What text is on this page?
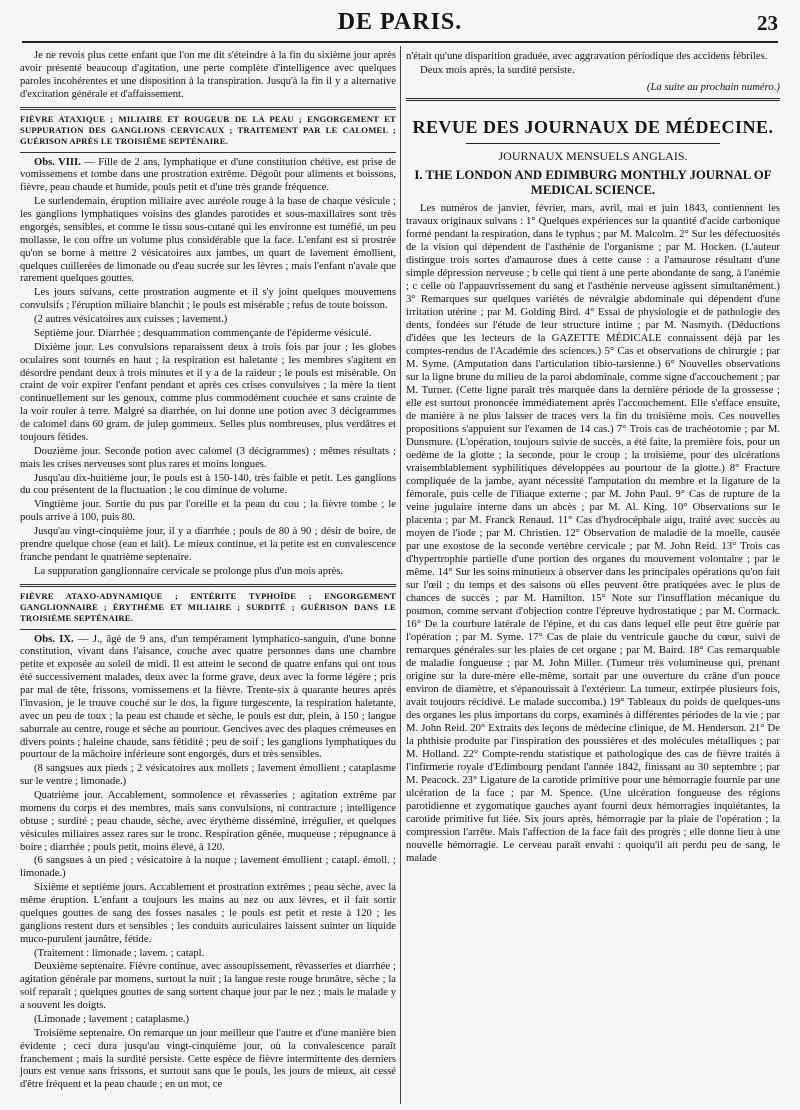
DE PARIS.	23

Je ne revois plus cette enfant que l'on me dit s'éteindre à la fin du sixième jour après avoir présenté beaucoup d'agitation, une perte complète d'intelligence avec quelques paroles incohérentes et une disposition à la transpiration. Jusqu'à la fin il y a alternative d'excitation générale et d'affaissement.

FIÈVRE ATAXIQUE ; MILIAIRE ET ROUGEUR DE LA PEAU ; ENGORGEMENT ET SUPPURATION DES GANGLIONS CERVICAUX ; TRAITEMENT PAR LE CALOMEL ; GUÉRISON APRÈS LE TROISIÈME SEPTÉNAIRE.

Obs. VIII. — Fille de 2 ans, lymphatique et d'une constitution chétive, est prise de vomissemens et tombe dans une prostration extrême. Dégoût pour aliments et boissons, fièvre, peau chaude et humide, pouls petit et d'une très grande fréquence.

Le surlendemain, éruption miliaire avec auréole rouge à la base de chaque vésicule ; les ganglions lymphatiques voisins des glandes parotides et sous-maxillaires sont très engorgés, sensibles, et comme le tissu sous-cutané qui les environne est tuméfié, un peu mollasse, le cou offre un volume plus considérable que la face. L'enfant est si prostrée qu'on se borne à mettre 2 vésicatoires aux jambes, un quart de lavement émollient, quelques cuillerées de limonade ou d'eau sucrée sur les lèvres ; mais l'enfant n'avale que rarement quelques gouttes.

Les jours suivans, cette prostration augmente et il s'y joint quelques mouvemens convulsifs ; l'éruption miliaire blanchit ; le pouls est misérable ; refus de toute boisson.

(2 autres vésicatoires aux cuisses ; lavement.)

Septième jour. Diarrhée ; desquammation commençante de l'épiderme vésiculé.

Dixième jour. Les convulsions reparaissent deux à trois fois par jour ; les globes oculaires sont tournés en haut ; la respiration est haletante ; les membres s'agitent en désordre pendant deux à trois minutes et il y a de la raideur ; le pouls est misérable. On craint de voir expirer l'enfant pendant et après ces crises convulsives ; la mère la tient continuellement sur les genoux, comme plus commodément couchée et sans crainte de la voir rouler à terre. Malgré sa diarrhée, on lui donne une potion avec 3 décigrammes de calomel dans 60 gram. de julep gommeux. Selles plus nombreuses, plus verdâtres et toujours fétides.

Douzième jour. Seconde potion avec calomel (3 décigrammes) ; mêmes résultats ; mais les crises nerveuses sont plus rares et moins longues.

Jusqu'au dix-huitième jour, le pouls est à 150-140, très faible et petit. Les ganglions du cou présentent de la fluctuation ; le cou diminue de volume.

Vingtième jour. Sortie du pus par l'oreille et la peau du cou ; la fièvre tombe ; le pouls arrive à 100, puis 80.

Jusqu'au vingt-cinquième jour, il y a diarrhée ; pouls de 80 à 90 ; désir de boire, de prendre quelque chose (eau et lait). Le mieux continue, et la petite est en convalescence franche pendant le quatrième septenaire.

La suppuration ganglionnaire cervicale se prolonge plus d'un mois après.

FIÈVRE ATAXO-ADYNAMIQUE ; ENTÉRITE TYPHOÏDE ; ENGORGEMENT GANGLIONNAIRE ; ÉRYTHÈME ET MILIAIRE ; SURDITÉ ; GUÉRISON DANS LE TROISIÈME SEPTÉNAIRE.

Obs. IX. — J., âgé de 9 ans, d'un tempérament lymphatico-sanguin, d'une bonne constitution, vivant dans l'aisance, couche avec quatre personnes dans une chambre petite et exposée au soleil de midi. Il est atteint le second de quatre enfans qui ont tous été successivement malades, deux avec la forme grave, deux avec la forme légère ; pris par mal de tête, frissons, vomissemens et la fièvre. Trente-six à quarante heures après l'invasion, je le trouve couché sur le dos, la figure turgescente, la respiration haletante, avec un peu de toux ; la peau est chaude et sèche, le pouls est dur, plein, à 150 ; langue saburrale au centre, rouge et sèche au pourtour. Gencives avec des plaques crémeuses en divers points ; haleine chaude, sans fétidité ; peu de soif ; les ganglions lymphatiques du pourtour de la mâchoire inférieure sont engorgés, durs et très sensibles.

(8 sangsues aux pieds ; 2 vésicatoires aux mollets ; lavement émollient ; cataplasme sur le ventre ; limonade.)

Quatrième jour. Accablement, somnolence et rêvasseries ; agitation extrême par momens du corps et des membres, mais sans convulsions, ni contracture ; intelligence obtuse ; surdité ; peau chaude, sèche, avec érythème disséminé, irrégulier, et quelques vésicules miliaires assez rares sur le tronc. Respiration gênée, muqueuse ; répugnance à boire ; diarrhée ; pouls petit, moins élevé, à 120.

(6 sangsues à un pied ; vésicatoire à la nuque ; lavement émollient ; catapl. émoll. ; limonade.)

Sixième et septième jours. Accablement et prostration extrêmes ; peau sèche, avec la même éruption. L'enfant a toujours les mains au nez ou aux lèvres, et il fait sortir quelques gouttes de sang des fosses nasales ; le pouls est petit et reste à 120 ; les ganglions restent durs et sensibles ; les conduits auriculaires laissent suinter un liquide muco-purulent jaunâtre, fétide.

(Traitement : limonade ; lavem. ; catapl.

Deuxième septenaire. Fièvre continue, avec assoupissement, rêvasseries et diarrhée ; agitation générale par momens, surtout la nuit ; la langue reste rouge brunâtre, sèche ; la soif reparaît ; quelques gouttes de sang sortent chaque jour par le nez ; mais le malade y a souvent les doigts.

(Limonade ; lavement ; cataplasme.)

Troisième septenaire. On remarque un jour meilleur que l'autre et d'une manière bien évidente ; ceci dura jusqu'au vingt-cinquième jour, où la convalescence paraît franchement ; mais la surdité persiste. Cette espèce de fièvre intermittente des derniers jours est venue sans frissons, et surtout sans que le pouls, les jours de mieux, ait cessé d'être fréquent et la peau chaude ; en un mot, ce

n'était qu'une disparition graduée, avec aggravation périodique des accidens fébriles.

Deux mois après, la surdité persiste.

(La suite au prochain numéro.)

REVUE DES JOURNAUX DE MÉDECINE.
JOURNAUX MENSUELS ANGLAIS.
I. THE LONDON AND EDIMBURG MONTHLY JOURNAL OF MEDICAL SCIENCE.

Les numéros de janvier, février, mars, avril, mai et juin 1843, contiennent les travaux originaux suivans : 1° Quelques expériences sur la quantité d'acide carbonique formé pendant la respiration, dans le typhus ; par M. Malcolm. 2° Sur les défectuosités de la vision qui dépendent de l'asthénie de l'organisme ; par M. Hocken. (L'auteur distingue trois sortes d'amaurose dues à cette cause : a l'amaurose résultant d'une simple dépression nerveuse ; b celle qui tient à une perte abondante de sang, à l'anémie ; c celle où l'appauvrissement du sang et l'asthénie nerveuse agissent simultanément.) 3° Remarques sur quelques variétés de névralgie abdominale qui dépendent d'une irritation utérine ; par M. Golding Bird. 4° Essai de physiologie et de pathologie des dents, fondées sur l'étude de leur structure intime ; par M. Nasmyth. (Déductions d'idées que les lecteurs de la GAZETTE MÉDICALE connaissent déjà par les comptes-rendus de l'Académie des sciences.) 5° Cas et observations de chirurgie ; par M. Syme. (Amputation dans l'articulation tibio-tarsienne.) 6° Nouvelles observations sur la ligne brune du milieu de la paroi abdominale, comme signe d'accouchement ; par M. Turner. (Cette ligne paraît très marquée dans la dernière période de la grossesse ; elle est surtout prononcée immédiatement après l'accouchement. Elle s'efface ensuite, de manière à ne plus laisser de traces vers la fin du troisième mois. Ces nouvelles propositions s'appuient sur l'examen de 14 cas.) 7° Trois cas de trachéotomie ; par M. Dunsmure. (L'opération, toujours suivie de succès, a été faite, la première fois, pour un oedème de la glotte ; la seconde, pour le croup ; la troisième, pour des ulcérations vraisemblablement syphilitiques développées au pourtour de la glotte.) 8° Fracture compliquée de la jambe, ayant nécessité l'amputation du membre et la ligature de la fémorale, puis celle de l'iliaque externe ; par M. John Paul. 9° Cas de rupture de la veine jugulaire interne dans un abcès ; par M. Al. King. 10° Observations sur le placenta ; par M. Franck Renaud. 11° Cas d'hydrocéphale aigu, traité avec succès au moyen de l'iode ; par M. Christien. 12° Observation de maladie de la moelle, causée par une exostose de la seconde vertèbre cervicale ; par M. John Reid. 13° Trois cas d'hypertrophie partielle d'une portion des organes du mouvement volontaire ; par le même. 14° Sur les soins minutieux à observer dans les principales opérations qu'on fait sur l'œil ; du temps et des saisons où elles peuvent être pratiquées avec le plus de chances de succès ; par M. Hamilton. 15° Note sur l'insufflation mécanique du poumon, comme servant d'objection contre l'épreuve hydrostatique ; par M. Cormack. 16° De la courbure latérale de l'épine, et du cas dans lequel elle peut être guérie par l'opération ; par M. Syme. 17° Cas de plaie du ventricule gauche du cœur, suivi de remarques générales sur les plaies de cet organe ; par M. Baird. 18° Cas remarquable de maladie fongueuse ; par M. John Miller. (Tumeur très volumineuse qui, prenant origine sur la dure-mère elle-même, sortait par une ouverture du crâne d'un pouce environ de diamètre, et s'épanouissait à l'extérieur. La tumeur, extirpée plusieurs fois, avait toujours récidivé. Le malade succomba.) 19° Tableaux du poids de quelques-uns des organes les plus importans du corps, examinés à différentes périodes de la vie ; par M. John Reid. 20° Extraits des leçons de médecine clinique, de M. Henderson. 21° De la phthisie produite par l'inspiration des poussières et des molécules métalliques ; par M. Holland. 22° Compte-rendu statistique et pathologique des cas de fièvre traités à l'infirmerie royale d'Edimbourg pendant l'année 1842, finissant au 30 septembre ; par M. Peacock. 23° Ligature de la carotide primitive pour une hémorragie fournie par une ulcération de la face ; par M. Spence. (Une ulcération fongueuse des régions parotidienne et zygomatique gauches ayant fourni deux hémorragies inquiétantes, la carotide primitive fut liée. Six jours après, hémorragie par la plaie de l'opération ; la compression l'arrête. Mais l'affection de la face fait des progrès ; elle donne lieu à une nouvelle hémorragie. Le cerveau paraît envahi : quoiqu'il ait perdu peu de sang, le malade
